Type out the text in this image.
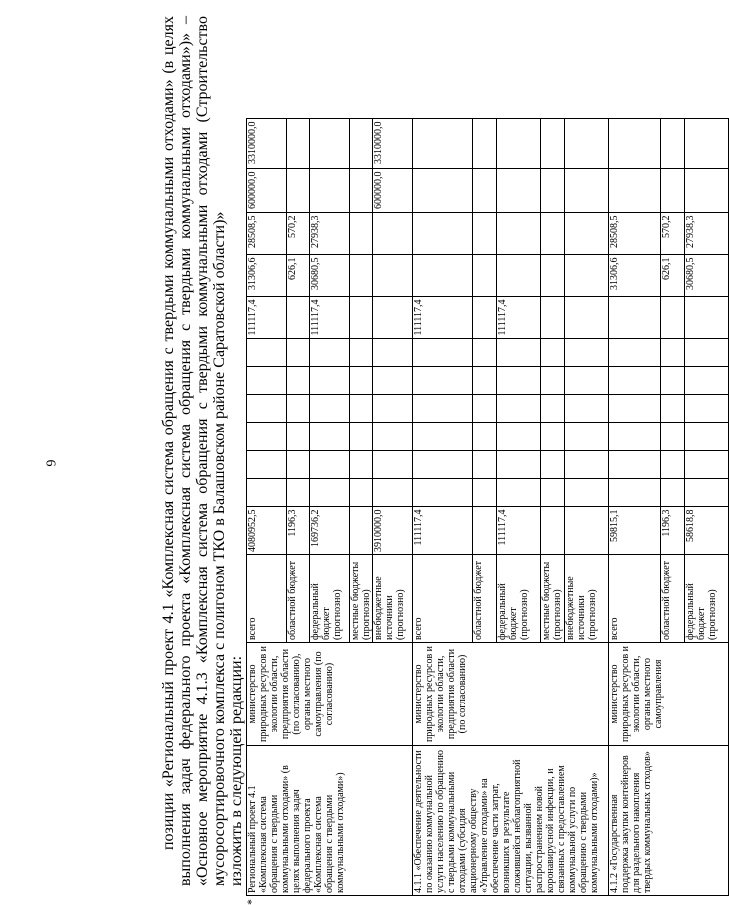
6	позиции «Региональный проект 4.1 «Комплексная система обращения с твердыми коммунальными отходами» (в целях выполнения задач федерального проекта «Комплексная система обращения с твердыми коммунальными отходами»)» – «Основное мероприятие 4.1.3 «Комплексная система обращения с твердыми коммунальными отходами (Строительство мусоросортировочного комплекса с полигоном ТКО в Балашовском районе Саратовской области)» изложить в следующей редакции:

*
Региональный проект 4.1 «Комплексная система обращения с твердыми коммунальными отходами» (в целях выполнения задач федерального проекта «Комплексная система обращения с твердыми коммунальными отходами»)	министерство природных ресурсов и экологии области, предприятия области (по согласованию), органы местного самоуправления (по согласованию)	всего	4080952,5							111117,4	31306,6	28508,5	600000,0	3310000,0
		областной бюджет	1196,3								626,1	570,2		
		федеральный бюджет (прогнозно)	169736,2							111117,4	30680,5	27938,3		
		местные бюджеты (прогнозно)												
		внебюджетные источники (прогнозно)	3910000,0										600000,0	3310000,0
4.1.1 «Обеспечение деятельности по оказанию коммунальной услуги населению по обращению с твердыми коммунальными отходами (субсидия акционерному обществу «Управление отходами» на обеспечение части затрат, возникших в результате сложившейся неблагоприятной ситуации, вызванной распространением новой коронавирусной инфекции, и связанных с предоставлением коммунальной услуги по обращению с твердыми коммунальными отходами)»	министерство природных ресурсов и экологии области, предприятия области (по согласованию)	всего	111117,4							111117,4				
		областной бюджет												
		федеральный бюджет (прогнозно)	111117,4							111117,4				
		местные бюджеты (прогнозно)												
		внебюджетные источники (прогнозно)												
4.1.2 «Государственная поддержка закупки контейнеров для раздельного накопления твердых коммунальных отходов»	министерство природных ресурсов и экологии области, органы местного самоуправления	всего	59815,1								31306,6	28508,5		
		областной бюджет	1196,3								626,1	570,2		
		федеральный бюджет (прогнозно)	58618,8								30680,5	27938,3		
